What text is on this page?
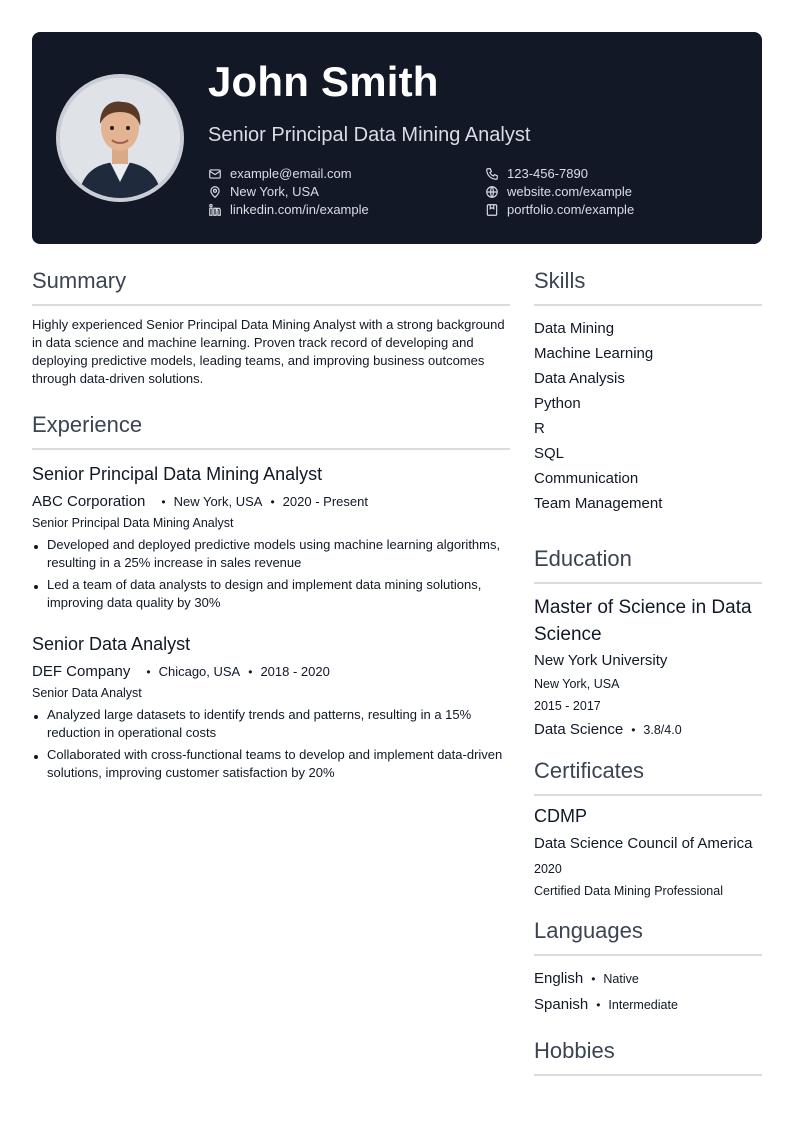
John Smith
Senior Principal Data Mining Analyst
example@email.com
New York, USA
linkedin.com/in/example
123-456-7890
website.com/example
portfolio.com/example
Summary
Highly experienced Senior Principal Data Mining Analyst with a strong background in data science and machine learning. Proven track record of developing and deploying predictive models, leading teams, and improving business outcomes through data-driven solutions.
Experience
Senior Principal Data Mining Analyst
ABC Corporation • New York, USA • 2020 - Present
Senior Principal Data Mining Analyst
Developed and deployed predictive models using machine learning algorithms, resulting in a 25% increase in sales revenue
Led a team of data analysts to design and implement data mining solutions, improving data quality by 30%
Senior Data Analyst
DEF Company • Chicago, USA • 2018 - 2020
Senior Data Analyst
Analyzed large datasets to identify trends and patterns, resulting in a 15% reduction in operational costs
Collaborated with cross-functional teams to develop and implement data-driven solutions, improving customer satisfaction by 20%
Skills
Data Mining
Machine Learning
Data Analysis
Python
R
SQL
Communication
Team Management
Education
Master of Science in Data Science
New York University
New York, USA
2015 - 2017
Data Science • 3.8/4.0
Certificates
CDMP
Data Science Council of America
2020
Certified Data Mining Professional
Languages
English • Native
Spanish • Intermediate
Hobbies
